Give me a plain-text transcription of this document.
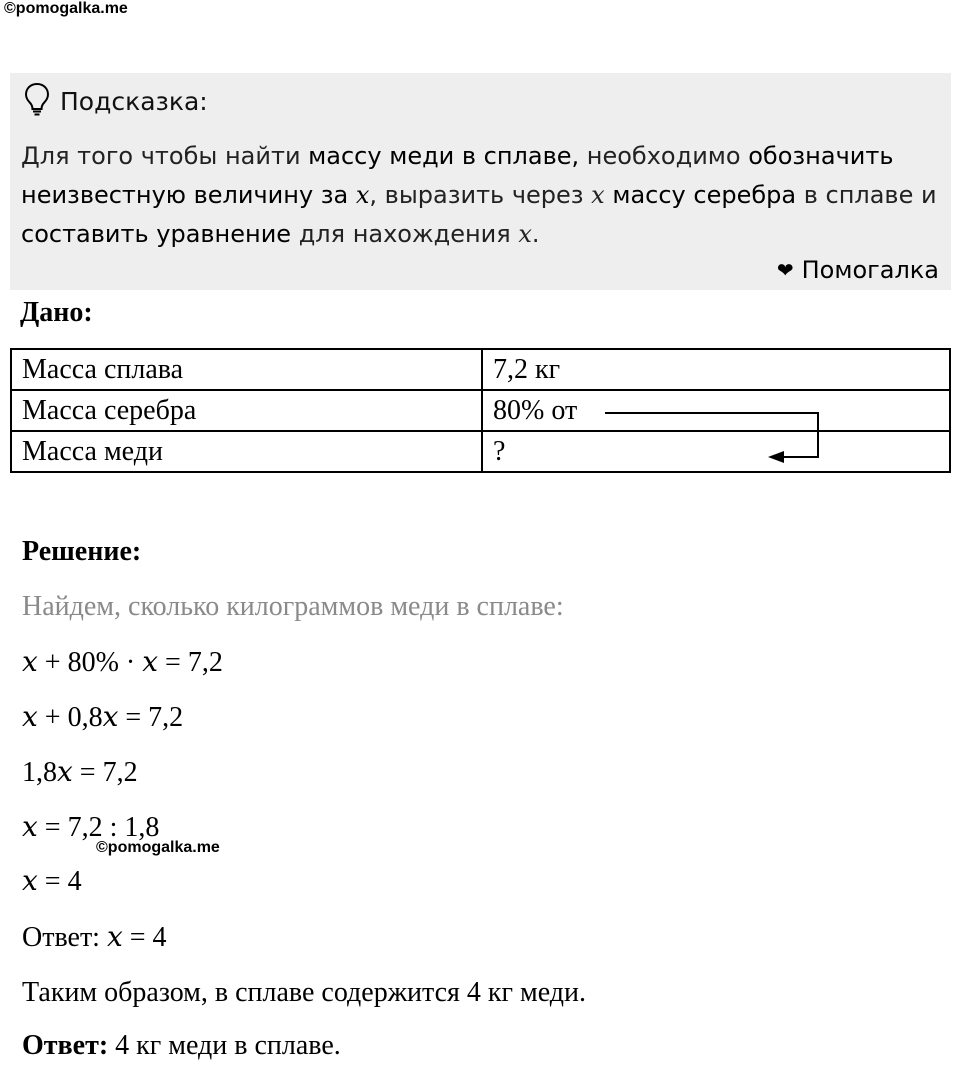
©pomogalka.me
Подсказка:
Для того чтобы найти массу меди в сплаве, необходимо обозначить неизвестную величину за x, выразить через x массу серебра в сплаве и составить уравнение для нахождения x.
❤ Помогалка
Дано:
Масса сплава	7,2 кг
Масса серебра	80% от
Масса меди	?
Решение:
Найдем, сколько килограммов меди в сплаве:
x + 80% · x = 7,2
x + 0,8x = 7,2
1,8x = 7,2
x = 7,2 : 1,8
©pomogalka.me
x = 4
Ответ: x = 4
Таким образом, в сплаве содержится 4 кг меди.
Ответ: 4 кг меди в сплаве.
